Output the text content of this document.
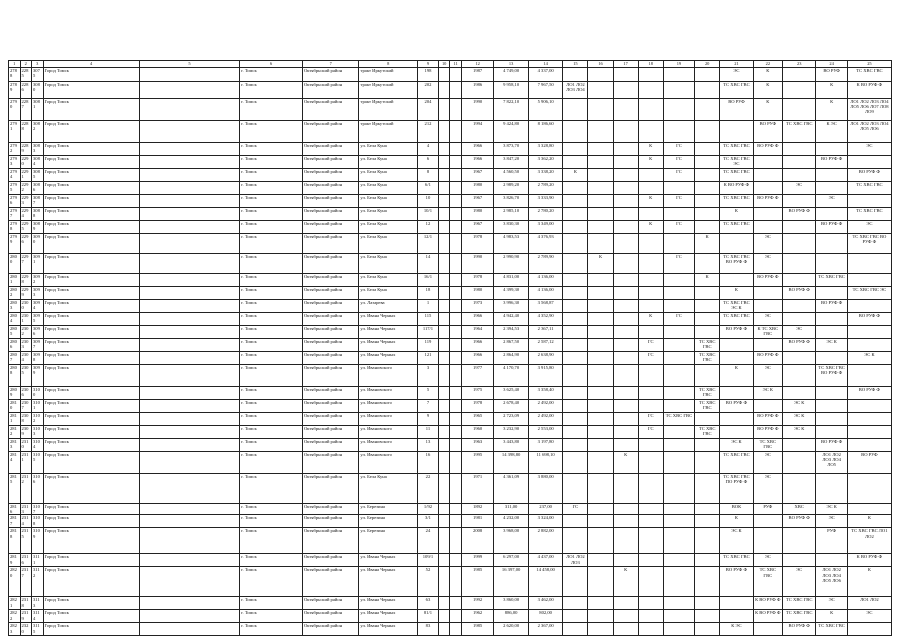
1	2	3	4	5	6	7	8	9	10	11	12	13	14	15	16	17	18	19	20	21	22	23	24	25
2788	2285	3075	Город Томск		г. Томск	Октябрьский район	тракт Иркутский	198			1987	4 749,00	4 337,00							ЭС	К		ВО РУФ	ТС ХВС ГВС
2789	2286	3080	Город Томск		г. Томск	Октябрьский район	тракт Иркутский	202			1986	9 958,10	7 967,50	ЛО1 ЛО2 ЛО3 ЛО4						ТС ХВС ГВС	К		К	К ВО РУФ Ф
2790	2287	3081	Город Томск		г. Томск	Октябрьский район	тракт Иркутский	204			1990	7 822,10	5 906,10							ВО РУФ	К		К	ЛО1 ЛО2 ЛО3 ЛО4 ЛО5 ЛО6 ЛО7 ЛО8 ЛО9
2791	2288	3082	Город Томск		г. Томск	Октябрьский район	тракт Иркутский	212			1994	9 424,80	8 186,60								ВО РУФ	ТС ХВС ГВС	К ЭС	ЛО1 ЛО2 ЛО3 ЛО4 ЛО5 ЛО6
2792	2289	3083	Город Томск		г. Томск	Октябрьский район	ул. Бела Куна	4			1966	3 873,70	3 328,80				К	ГС		ТС ХВС ГВС	ВО РУФ Ф			ЭС
2793	2290	3084	Город Томск		г. Томск	Октябрьский район	ул. Бела Куна	6			1966	3 847,20	3 362,20				К	ГС		ТС ХВС ГВС ЭС			ВО РУФ Ф	
2794	2291	3085	Город Томск		г. Томск	Октябрьский район	ул. Бела Куна	8			1967	4 560,50	3 338,20	К				ГС		ТС ХВС ГВС				ВО РУФ Ф
2795	2292	3086	Город Томск		г. Томск	Октябрьский район	ул. Бела Куна	6/1			1980	2 989,20	2 789,20							К ВО РУФ Ф		ЭС		ТС ХВС ГВС
2796	2293	3087	Город Томск		г. Томск	Октябрьский район	ул. Бела Куна	10			1967	3 826,70	3 333,90				К	ГС		ТС ХВС ГВС	ВО РУФ Ф		ЭС	
2797	2294	3088	Город Томск		г. Томск	Октябрьский район	ул. Бела Куна	10/1			1980	2 985,10	2 780,20							К		ВО РУФ Ф		ТС ХВС ГВС
2798	2295	3089	Город Томск		г. Томск	Октябрьский район	ул. Бела Куна	12			1967	3 830,30	3 349,00				К	ГС		ТС ХВС ГВС			ВО РУФ Ф	ЭС
2799	2296	3090	Город Томск		г. Томск	Октябрьский район	ул. Бела Куна	12/1			1978	4 983,53	4 376,93						К		ЭС			ТС ХВС ГВС ВО РУФ Ф
2800	2297	3091	Город Томск		г. Томск	Октябрьский район	ул. Бела Куна	14			1990	2 990,90	2 789,90		К			ГС		ТС ХВС ГВС ВО РУФ Ф	ЭС			
2801	2298	3092	Город Томск		г. Томск	Октябрьский район	ул. Бела Куна	16/1			1978	4 831,00	4 136,00						К		ВО РУФ Ф		ТС ХВС ГВС	
2802	2299	3093	Город Томск		г. Томск	Октябрьский район	ул. Бела Куна	18			1980	4 399,30	4 136,00							К		ВО РУФ Ф		ТС ХВС ГВС ЭС
2803	2300	3094	Город Томск		г. Томск	Октябрьский район	ул. Лазарева	1			1973	3 996,30	3 568,87							ТС ХВС ГВС ЭС К			ВО РУФ Ф	
2804	2301	3095	Город Томск		г. Томск	Октябрьский район	ул. Ивана Черных	115			1966	4 942,40	4 352,90				К	ГС		ТС ХВС ГВС	ЭС			ВО РУФ Ф
2805	2302	3096	Город Томск		г. Томск	Октябрьский район	ул. Ивана Черных	117/1			1964	2 394,53	2 367,11							ВО РУФ Ф	К ТС ХВС ГВС	ЭС		
2806	2303	3097	Город Томск		г. Томск	Октябрьский район	ул. Ивана Черных	119			1966	2 867,50	2 587,12				ГС		ТС ХВС ГВС			ВО РУФ Ф	ЭС К	
2807	2304	3098	Город Томск		г. Томск	Октябрьский район	ул. Ивана Черных	121			1966	2 864,90	2 638,90				ГС		ТС ХВС ГВС		ВО РУФ Ф			ЭС К
2808	2305	3099	Город Томск		г. Томск	Октябрьский район	ул. Ивановского	3			1977	4 170,70	3 915,80							К	ЭС		ТС ХВС ГВС ВО РУФ Ф	
2809	2306	3100	Город Томск		г. Томск	Октябрьский район	ул. Ивановского	5			1975	3 625,40	3 358,40						ТС ХВС ГВС		ЭС К			ВО РУФ Ф
2810	2307	3101	Город Томск		г. Томск	Октябрьский район	ул. Ивановского	7			1978	2 678,40	2 492,00						ТС ХВС ГВС	ВО РУФ Ф		ЭС К		
2811	2308	3102	Город Томск		г. Томск	Октябрьский район	ул. Ивановского	9			1965	2 723,09	2 492,00				ГС	ТС ХВС ГВС			ВО РУФ Ф	ЭС К		
2812	2309	3103	Город Томск		г. Томск	Октябрьский район	ул. Ивановского	11			1960	3 232,90	2 553,00				ГС		ТС ХВС ГВС		ВО РУФ Ф	ЭС К		
2813	2310	3104	Город Томск		г. Томск	Октябрьский район	ул. Ивановского	13			1963	3 443,80	3 197,80							ЭС К	ТС ХВС ГВС		ВО РУФ Ф	
2814	2311	3105	Город Томск		г. Томск	Октябрьский район	ул. Ивановского	16			1995	14 398,80	11 698,10			К				ТС ХВС ГВС	ЭС		ЛО1 ЛО2 ЛО3 ЛО4 ЛО5	ВО РУФ
2815	2312	3106	Город Томск		г. Томск	Октябрьский район	ул. Бела Куна	22			1971	4 361,09	3 880,00							ТС ХВС ГВС ПО РУФ Ф	ЭС			
2816	2313	3107	Город Томск		г. Томск	Октябрьский район	ул. Березина	1/92			1892	311,00	237,00	ГС						ВОК	РУФ	ХВС	ЭС К	
2817	2314	3108	Город Томск		г. Томск	Октябрьский район	ул. Березина	3/1			1981	4 232,00	3 324,00							К		ВО РУФ Ф	ЭС	К
2818	2315	3109	Город Томск		г. Томск	Октябрьский район	ул. Березина	24			2008	3 968,00	2 882,00							ЭС К			РУФ	ТС ХВС ГВС ЛО1 ЛО2
2819	2316	3111	Город Томск		г. Томск	Октябрьский район	ул. Ивана Черных	109/1			1999	6 297,00	4 437,00	ЛО1 ЛО2 ЛО3						ТС ХВС ГВС	ЭС			К ВО РУФ Ф
2820	2317	3112	Город Томск		г. Томск	Октябрьский район	ул. Ивана Черных	52			1985	16 397,00	14 458,00			К				ВО РУФ Ф	ТС ХВС ГВС	ЭС	ЛО1 ЛО2 ЛО3 ЛО4 ЛО5 ЛО6	К
2821	2318	3113	Город Томск		г. Томск	Октябрьский район	ул. Ивана Черных	63			1992	3 860,00	3 462,00								К ВО РУФ Ф	ТС ХВС ГВС	ЭС	ЛО1 ЛО2
2822	2319	3114	Город Томск		г. Томск	Октябрьский район	ул. Ивана Черных	81/1			1962	886,00	802,00								К ВО РУФ Ф	ТС ХВС ГВС	К	ЭС
2823	2320	3115	Город Томск		г. Томск	Октябрьский район	ул. Ивана Черных	83			1985	2 620,00	2 367,00							К ЭС		ВО РУФ Ф	ТС ХВС ГВС	
